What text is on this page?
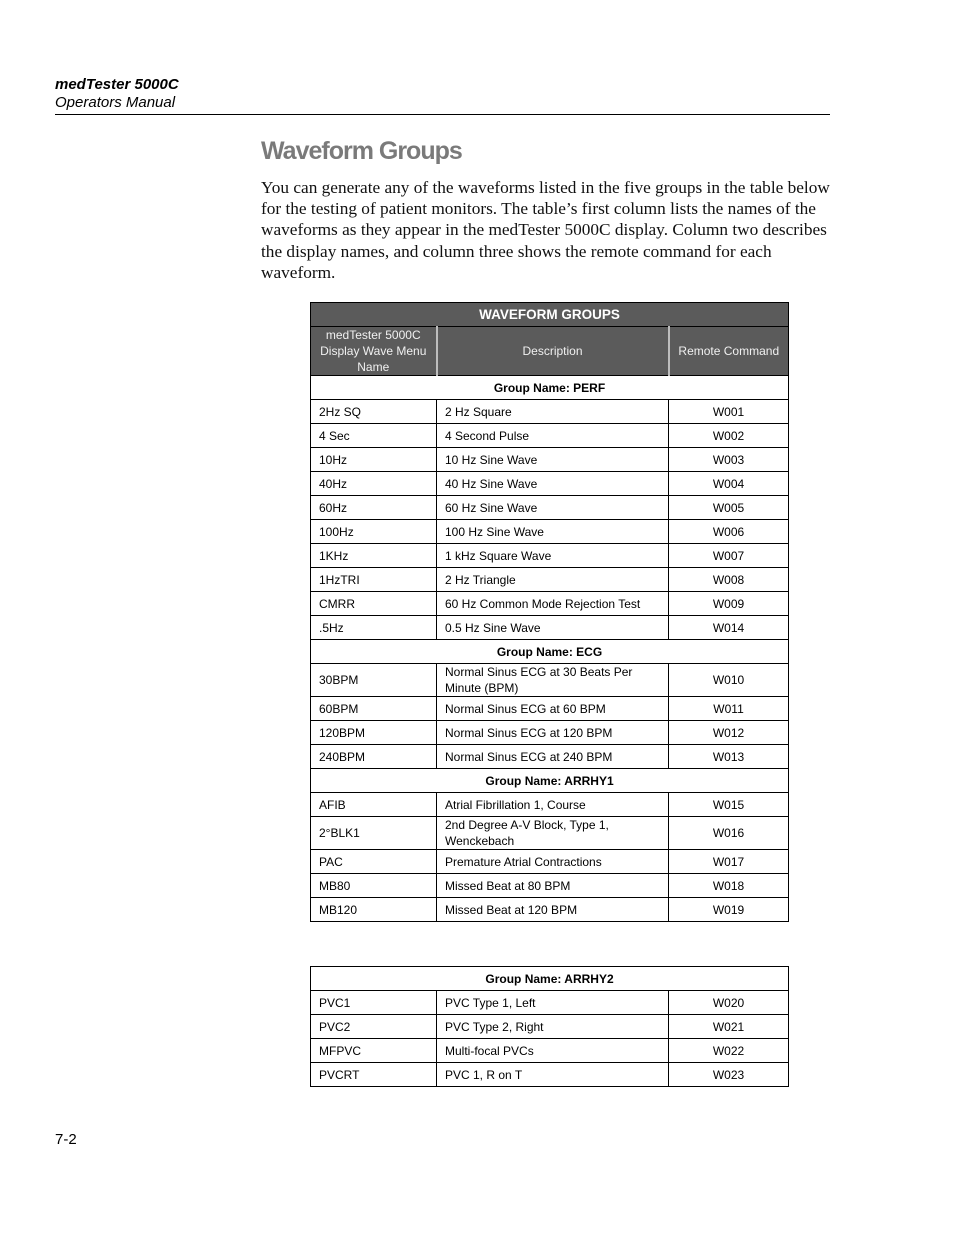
medTester 5000C
Operators Manual
Waveform Groups

You can generate any of the waveforms listed in the five groups in the table below for the testing of patient monitors. The table’s first column lists the names of the waveforms as they appear in the medTester 5000C display. Column two describes the display names, and column three shows the remote command for each waveform.

WAVEFORM GROUPS		
medTester 5000C Display Wave Menu Name	Description	Remote Command
Group Name: PERF		
2Hz SQ	2 Hz Square	W001
4 Sec	4 Second Pulse	W002
10Hz	10 Hz Sine Wave	W003
40Hz	40 Hz Sine Wave	W004
60Hz	60 Hz Sine Wave	W005
100Hz	100 Hz Sine Wave	W006
1KHz	1 kHz Square Wave	W007
1HzTRI	2 Hz Triangle	W008
CMRR	60 Hz Common Mode Rejection Test	W009
.5Hz	0.5 Hz Sine Wave	W014
Group Name: ECG		
30BPM	Normal Sinus ECG at 30 Beats Per Minute (BPM)	W010
60BPM	Normal Sinus ECG at 60 BPM	W011
120BPM	Normal Sinus ECG at 120 BPM	W012
240BPM	Normal Sinus ECG at 240 BPM	W013
Group Name: ARRHY1		
AFIB	Atrial Fibrillation 1, Course	W015
2°BLK1	2nd Degree A-V Block, Type 1, Wenckebach	W016
PAC	Premature Atrial Contractions	W017
MB80	Missed Beat at 80 BPM	W018
MB120	Missed Beat at 120 BPM	W019
Group Name: ARRHY2		
PVC1	PVC Type 1, Left	W020
PVC2	PVC Type 2, Right	W021
MFPVC	Multi-focal PVCs	W022
PVCRT	PVC 1, R on T	W023
7-2
